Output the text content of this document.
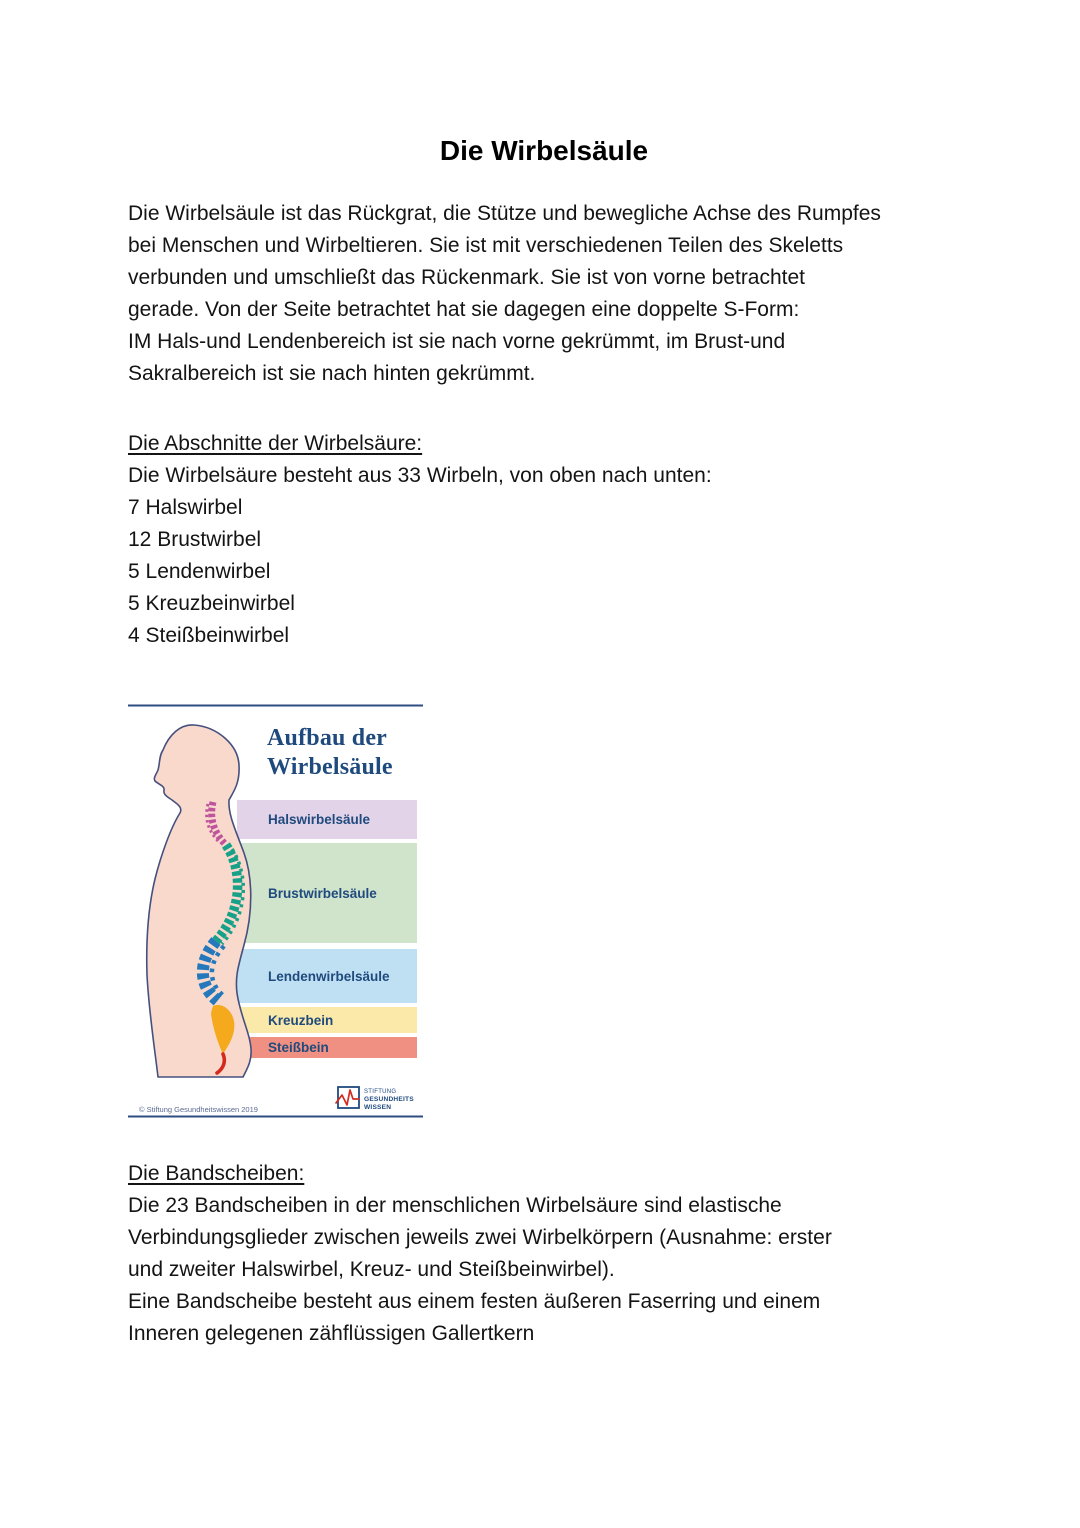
Die Wirbelsäule
Die Wirbelsäule ist das Rückgrat, die Stütze und bewegliche Achse des Rumpfes
bei Menschen und Wirbeltieren. Sie ist mit verschiedenen Teilen des Skeletts
verbunden und umschließt das Rückenmark. Sie ist von vorne betrachtet
gerade. Von der Seite betrachtet hat sie dagegen eine doppelte S-Form:
IM Hals-und Lendenbereich ist sie nach vorne gekrümmt, im Brust-und
Sakralbereich ist sie nach hinten gekrümmt.
Die Abschnitte der Wirbelsäure:
Die Wirbelsäure besteht aus 33 Wirbeln, von oben nach unten:
7 Halswirbel
12 Brustwirbel
5 Lendenwirbel
5 Kreuzbeinwirbel
4 Steißbeinwirbel
Aufbau der
Wirbelsäule
Halswirbelsäule
Brustwirbelsäule
Lendenwirbelsäule
Kreuzbein
Steißbein
© Stiftung Gesundheitswissen 2019
STIFTUNG
GESUNDHEITS
WISSEN
Die Bandscheiben:
Die 23 Bandscheiben in der menschlichen Wirbelsäure sind elastische
Verbindungsglieder zwischen jeweils zwei Wirbelkörpern (Ausnahme: erster
und zweiter Halswirbel, Kreuz- und Steißbeinwirbel).
Eine Bandscheibe besteht aus einem festen äußeren Faserring und einem
Inneren gelegenen zähflüssigen Gallertkern
